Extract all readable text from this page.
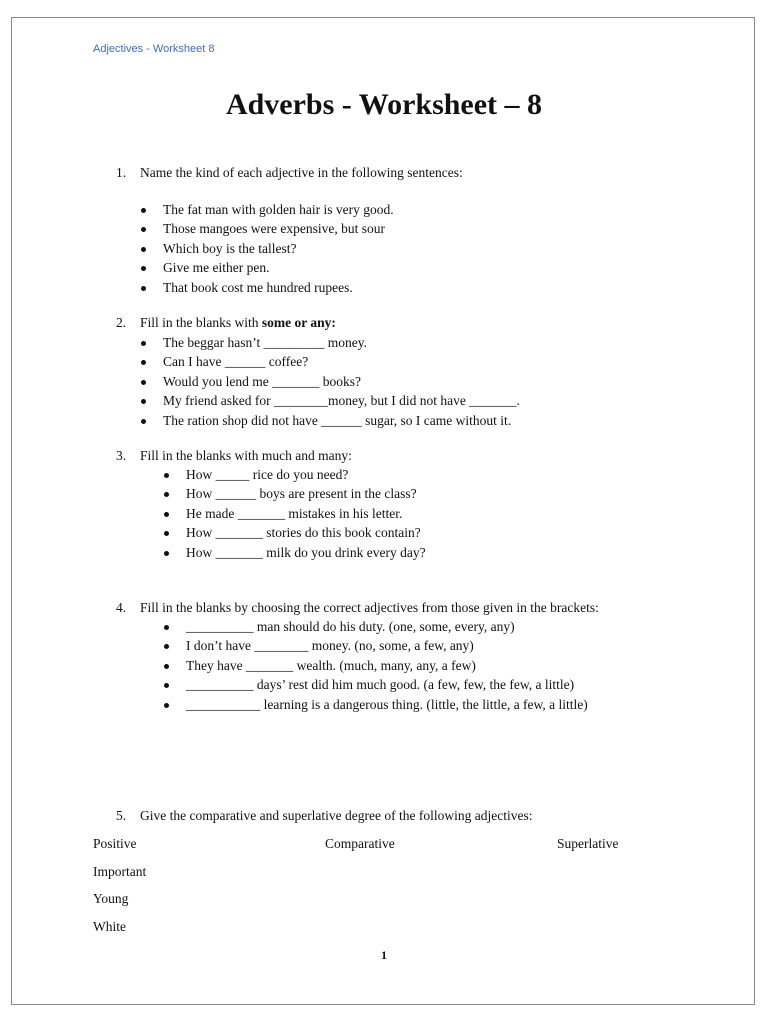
Adjectives - Worksheet 8
Adverbs - Worksheet – 8
1. Name the kind of each adjective in the following sentences:
The fat man with golden hair is very good.
Those mangoes were expensive, but sour
Which boy is the tallest?
Give me either pen.
That book cost me hundred rupees.
2. Fill in the blanks with some or any:
The beggar hasn’t _________ money.
Can I have ______ coffee?
Would you lend me _______ books?
My friend asked for ________money, but I did not have _______.
The ration shop did not have ______ sugar, so I came without it.
3. Fill in the blanks with much and many:
How _____ rice do you need?
How ______ boys are present in the class?
He made _______ mistakes in his letter.
How _______ stories do this book contain?
How _______ milk do you drink every day?
4. Fill in the blanks by choosing the correct adjectives from those given in the brackets:
__________ man should do his duty. (one, some, every, any)
I don’t have ________ money. (no, some, a few, any)
They have _______ wealth. (much, many, any, a few)
__________ days’ rest did him much good. (a few, few, the few, a little)
___________ learning is a dangerous thing. (little, the little, a few, a little)
5. Give the comparative and superlative degree of the following adjectives:
Positive	Comparative	Superlative
Important
Young
White
1
